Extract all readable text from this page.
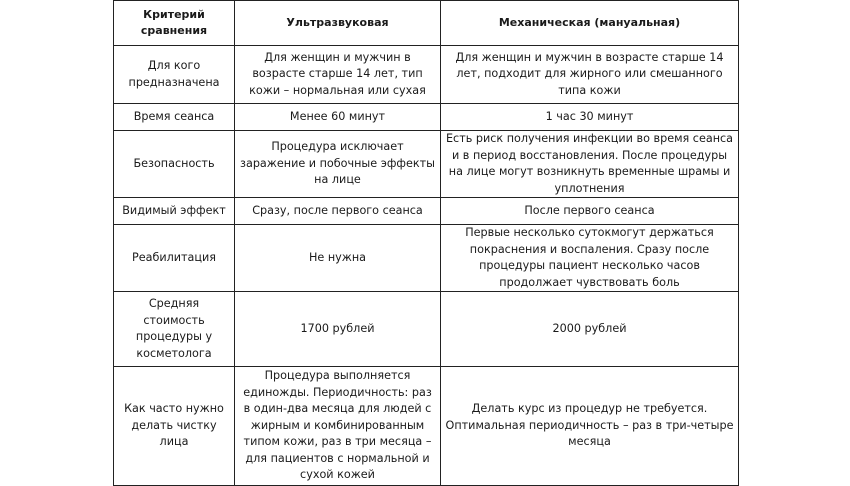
Критерий сравнения	Ультразвуковая	Механическая (мануальная)
Для кого предназначена	Для женщин и мужчин в возрасте старше 14 лет, тип кожи – нормальная или сухая	Для женщин и мужчин в возрасте старше 14 лет, подходит для жирного или смешанного типа кожи
Время сеанса	Менее 60 минут	1 час 30 минут
Безопасность	Процедура исключает заражение и побочные эффекты на лице	Есть риск получения инфекции во время сеанса и в период восстановления. После процедуры на лице могут возникнуть временные шрамы и уплотнения
Видимый эффект	Сразу, после первого сеанса	После первого сеанса
Реабилитация	Не нужна	Первые несколько сутокмогут держаться покраснения и воспаления. Сразу после процедуры пациент несколько часов продолжает чувствовать боль
Средняя стоимость процедуры у косметолога	1700 рублей	2000 рублей
Как часто нужно делать чистку лица	Процедура выполняется единожды. Периодичность: раз в один-два месяца для людей с жирным и комбинированным типом кожи, раз в три месяца – для пациентов с нормальной и сухой кожей	Делать курс из процедур не требуется. Оптимальная периодичность – раз в три-четыре месяца
